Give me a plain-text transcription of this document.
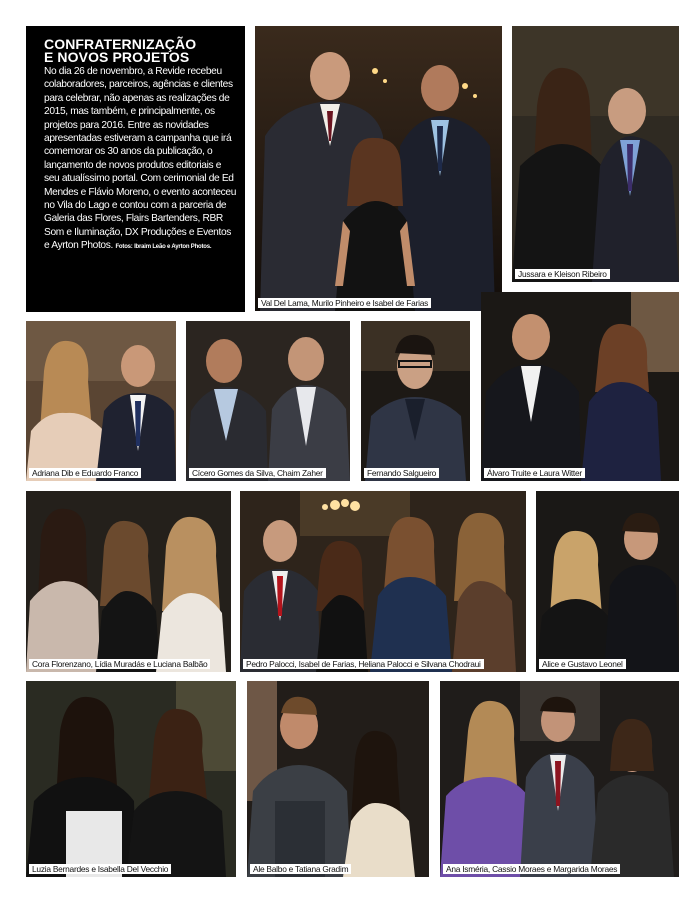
CONFRATERNIZAÇÃO
E NOVOS PROJETOS

No dia 26 de novembro, a Revide recebeu colaboradores, parceiros, agências e clientes para celebrar, não apenas as realizações de 2015, mas também, e principalmente, os projetos para 2016. Entre as novidades apresentadas estiveram a campanha que irá comemorar os 30 anos da publicação, o lançamento de novos produtos editoriais e seu atualíssimo portal. Com cerimonial de Ed Mendes e Flávio Moreno, o evento aconteceu no Vila do Lago e contou com a parceria de Galeria das Flores, Flairs Bartenders, RBR Som e Iluminação, DX Produções e Eventos e Ayrton Photos. Fotos: Ibraim Leão e Ayrton Photos.

Val Del Lama, Murilo Pinheiro e Isabel de Farias
Jussara e Kleison Ribeiro
Adriana Dib e Eduardo Franco	Cícero Gomes da Silva, Chaim Zaher	Fernando Salgueiro	Álvaro Truite e Laura Witter
Cora Florenzano, Lídia Muradás e Luciana Balbão	Pedro Palocci, Isabel de Farias, Heliana Palocci e Silvana Chodraui	Alice e Gustavo Leonel
Luzia Bernardes e Isabella Del Vecchio	Ale Balbo e Tatiana Gradim	Ana Isméria, Cassio Moraes e Margarida Moraes
